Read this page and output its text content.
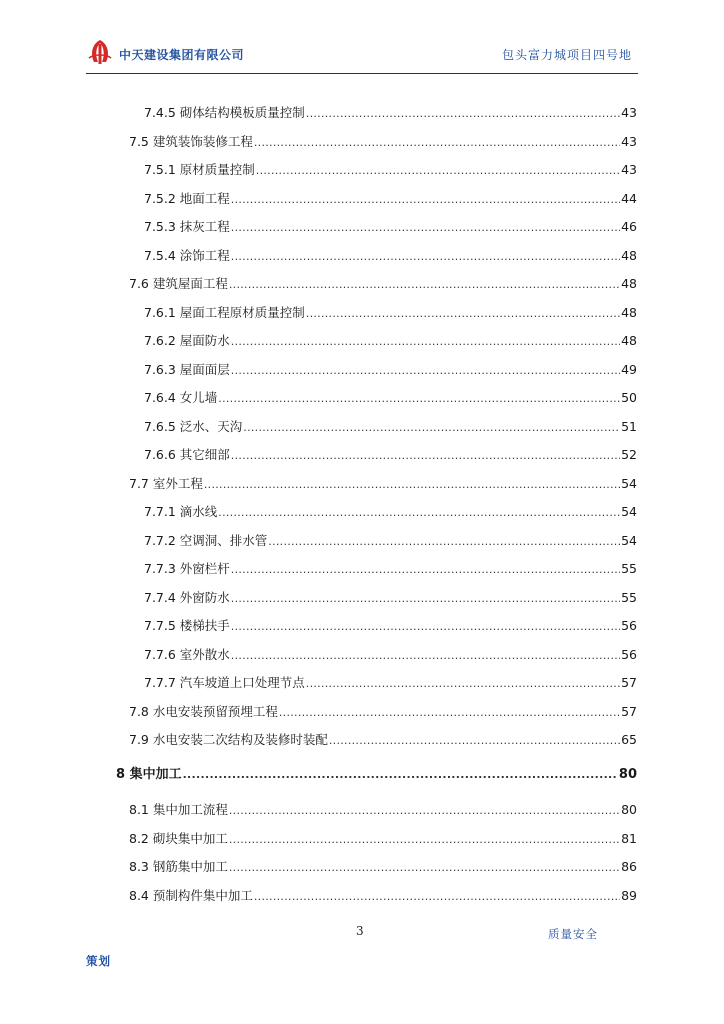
中天建设集团有限公司	包头富力城项目四号地
7.4.5 砌体结构模板质量控制 .....	43
7.5 建筑装饰装修工程 .....	43
7.5.1 原材质量控制 .....	43
7.5.2 地面工程 .....	44
7.5.3 抹灰工程 .....	46
7.5.4 涂饰工程 .....	48
7.6 建筑屋面工程 .....	48
7.6.1 屋面工程原材质量控制 .....	48
7.6.2 屋面防水 .....	48
7.6.3 屋面面层 .....	49
7.6.4 女儿墙 .....	50
7.6.5 泛水、天沟 .....	51
7.6.6 其它细部 .....	52
7.7 室外工程 .....	54
7.7.1 滴水线 .....	54
7.7.2 空调洞、排水管 .....	54
7.7.3 外窗栏杆 .....	55
7.7.4 外窗防水 .....	55
7.7.5 楼梯扶手 .....	56
7.7.6 室外散水 .....	56
7.7.7 汽车坡道上口处理节点 .....	57
7.8 水电安装预留预埋工程 .....	57
7.9 水电安装二次结构及装修时装配 .....	65
8 集中加工 .....	80
8.1 集中加工流程 .....	80
8.2 砌块集中加工 .....	81
8.3 钢筋集中加工 .....	86
8.4 预制构件集中加工 .....	89
3	质量安全
策划
